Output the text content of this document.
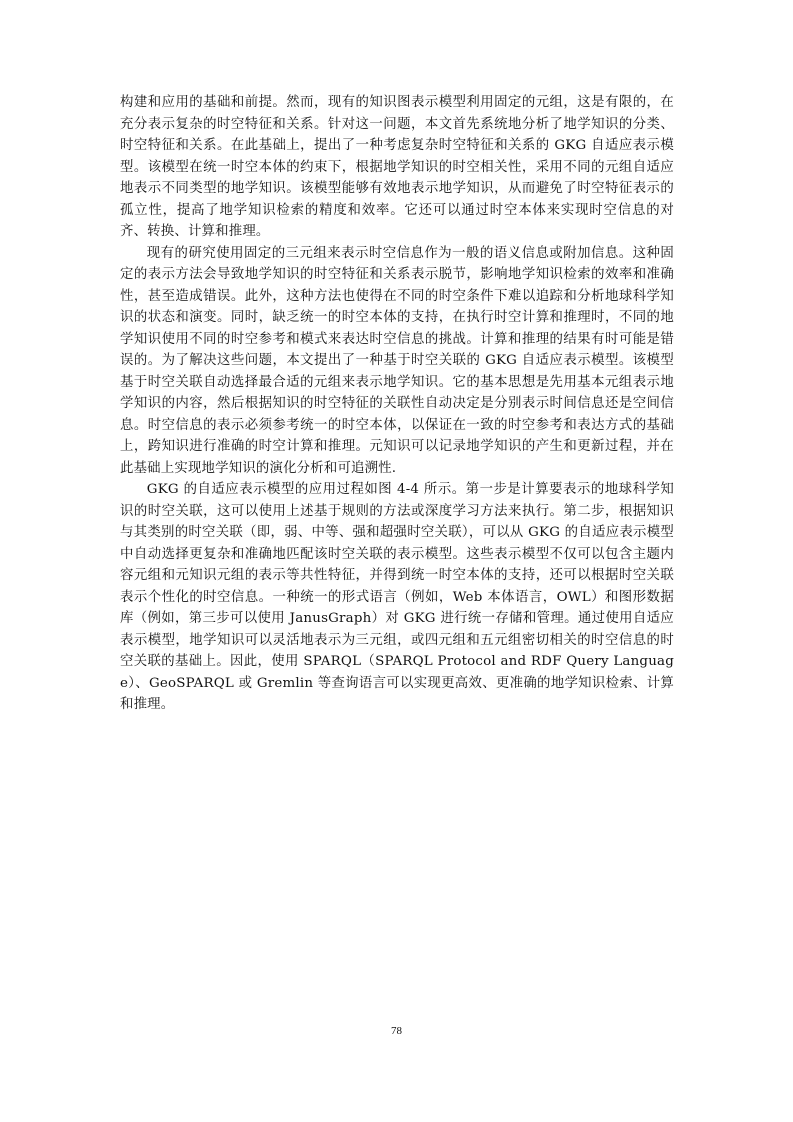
构建和应用的基础和前提。然而，现有的知识图表示模型利用固定的元组，这是有限的，在充分表示复杂的时空特征和关系。针对这一问题，本文首先系统地分析了地学知识的分类、时空特征和关系。在此基础上，提出了一种考虑复杂时空特征和关系的 GKG 自适应表示模型。该模型在统一时空本体的约束下，根据地学知识的时空相关性，采用不同的元组自适应地表示不同类型的地学知识。该模型能够有效地表示地学知识，从而避免了时空特征表示的孤立性，提高了地学知识检索的精度和效率。它还可以通过时空本体来实现时空信息的对齐、转换、计算和推理。

现有的研究使用固定的三元组来表示时空信息作为一般的语义信息或附加信息。这种固定的表示方法会导致地学知识的时空特征和关系表示脱节，影响地学知识检索的效率和准确性，甚至造成错误。此外，这种方法也使得在不同的时空条件下难以追踪和分析地球科学知识的状态和演变。同时，缺乏统一的时空本体的支持，在执行时空计算和推理时，不同的地学知识使用不同的时空参考和模式来表达时空信息的挑战。计算和推理的结果有时可能是错误的。为了解决这些问题，本文提出了一种基于时空关联的 GKG 自适应表示模型。该模型基于时空关联自动选择最合适的元组来表示地学知识。它的基本思想是先用基本元组表示地学知识的内容，然后根据知识的时空特征的关联性自动决定是分别表示时间信息还是空间信息。时空信息的表示必须参考统一的时空本体，以保证在一致的时空参考和表达方式的基础上，跨知识进行准确的时空计算和推理。元知识可以记录地学知识的产生和更新过程，并在此基础上实现地学知识的演化分析和可追溯性.

GKG 的自适应表示模型的应用过程如图 4-4 所示。第一步是计算要表示的地球科学知识的时空关联，这可以使用上述基于规则的方法或深度学习方法来执行。第二步，根据知识与其类别的时空关联（即，弱、中等、强和超强时空关联），可以从 GKG 的自适应表示模型中自动选择更复杂和准确地匹配该时空关联的表示模型。这些表示模型不仅可以包含主题内容元组和元知识元组的表示等共性特征，并得到统一时空本体的支持，还可以根据时空关联表示个性化的时空信息。一种统一的形式语言（例如，Web 本体语言，OWL）和图形数据库（例如，第三步可以使用 JanusGraph）对 GKG 进行统一存储和管理。通过使用自适应表示模型，地学知识可以灵活地表示为三元组，或四元组和五元组密切相关的时空信息的时空关联的基础上。因此，使用 SPARQL（SPARQL Protocol and RDF Query Language）、GeoSPARQL 或 Gremlin 等查询语言可以实现更高效、更准确的地学知识检索、计算和推理。

78
